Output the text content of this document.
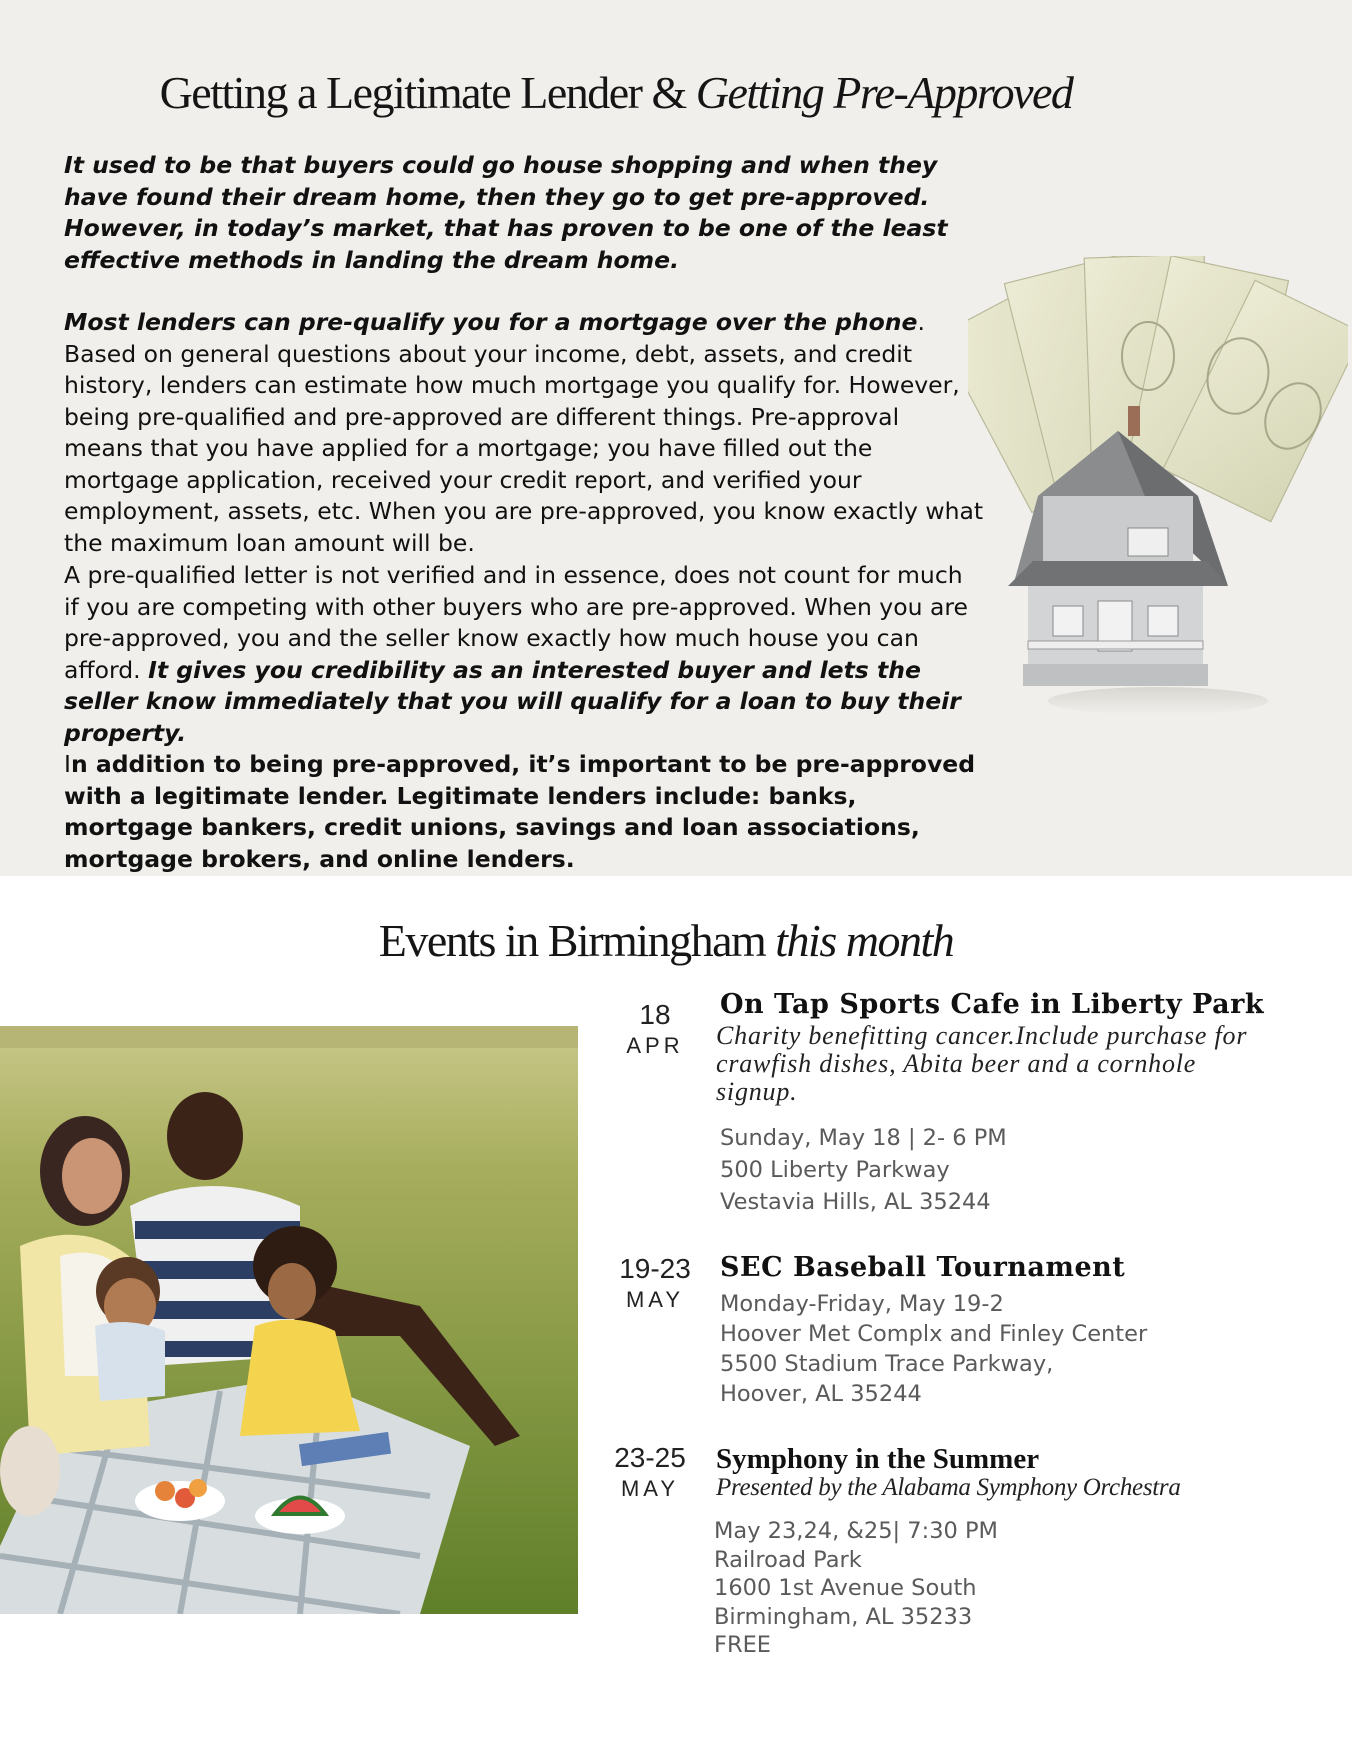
Getting a Legitimate Lender & Getting Pre-Approved

It used to be that buyers could go house shopping and when they have found their dream home, then they go to get pre-approved. However, in today’s market, that has proven to be one of the least effective methods in landing the dream home.

Most lenders can pre-qualify you for a mortgage over the phone. Based on general questions about your income, debt, assets, and credit history, lenders can estimate how much mortgage you qualify for. However, being pre-qualified and pre-approved are different things. Pre-approval means that you have applied for a mortgage; you have filled out the mortgage application, received your credit report, and verified your employment, assets, etc. When you are pre-approved, you know exactly what the maximum loan amount will be.

A pre-qualified letter is not verified and in essence, does not count for much if you are competing with other buyers who are pre-approved. When you are pre-approved, you and the seller know exactly how much house you can afford. It gives you credibility as an interested buyer and lets the seller know immediately that you will qualify for a loan to buy their property.

In addition to being pre-approved, it’s important to be pre-approved with a legitimate lender. Legitimate lenders include: banks, mortgage bankers, credit unions, savings and loan associations, mortgage brokers, and online lenders.

Events in Birmingham this month
18
APR
On Tap Sports Cafe in Liberty Park
Charity benefitting cancer.Include purchase for crawfish dishes, Abita beer and a cornhole signup.
Sunday, May 18 | 2- 6 PM
500 Liberty Parkway
Vestavia Hills, AL 35244
19-23
MAY
SEC Baseball Tournament
Monday-Friday, May 19-2
Hoover Met Complx and Finley Center
5500 Stadium Trace Parkway,
Hoover, AL 35244
23-25
MAY
Symphony in the Summer
Presented by the Alabama Symphony Orchestra
May 23,24, &25| 7:30 PM
Railroad Park
1600 1st Avenue South
Birmingham, AL 35233
FREE
